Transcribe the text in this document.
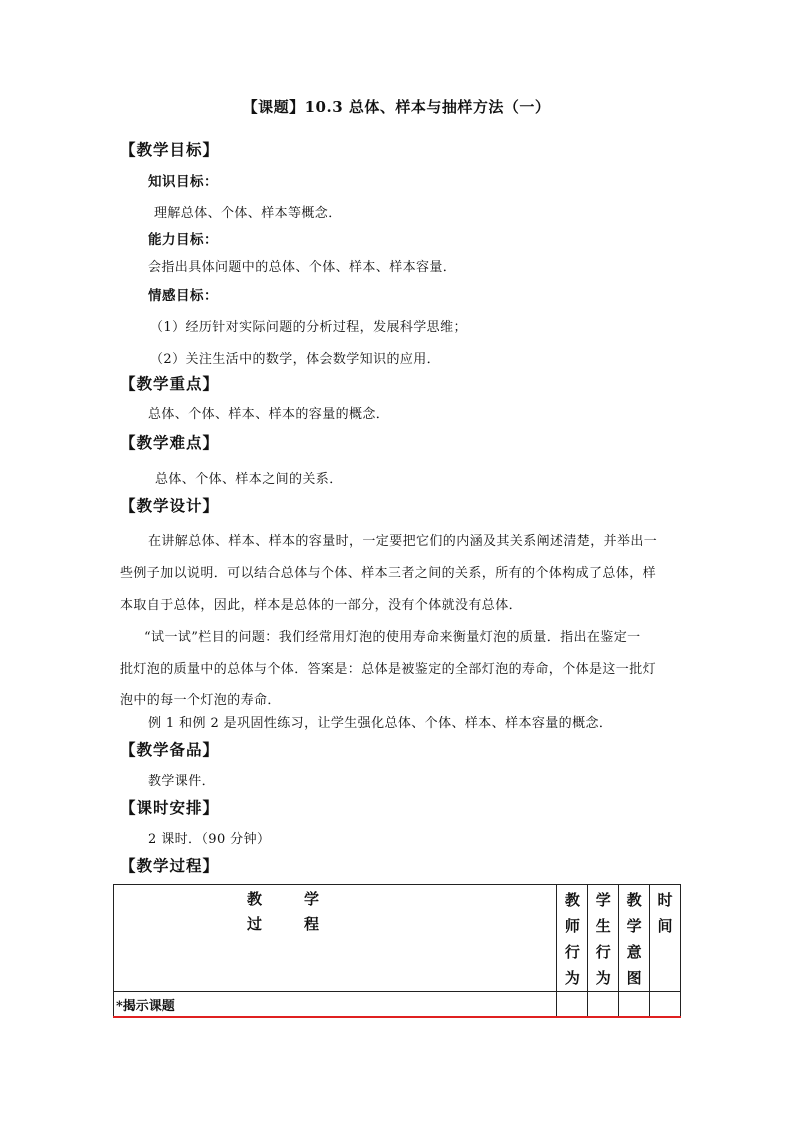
【课题】10.3 总体、样本与抽样方法（一）
【教学目标】
知识目标：
理解总体、个体、样本等概念．
能力目标：
会指出具体问题中的总体、个体、样本、样本容量．
情感目标：
（1）经历针对实际问题的分析过程，发展科学思维；
（2）关注生活中的数学，体会数学知识的应用．
【教学重点】
总体、个体、样本、样本的容量的概念．
【教学难点】
总体、个体、样本之间的关系．
【教学设计】
在讲解总体、样本、样本的容量时，一定要把它们的内涵及其关系阐述清楚，并举出一
些例子加以说明．可以结合总体与个体、样本三者之间的关系，所有的个体构成了总体，样
本取自于总体，因此，样本是总体的一部分，没有个体就没有总体．
“试一试”栏目的问题：我们经常用灯泡的使用寿命来衡量灯泡的质量．指出在鉴定一
批灯泡的质量中的总体与个体．答案是：总体是被鉴定的全部灯泡的寿命，个体是这一批灯
泡中的每一个灯泡的寿命．
例 1 和例 2 是巩固性练习，让学生强化总体、个体、样本、样本容量的概念．
【教学备品】
教学课件．
【课时安排】
2 课时．（90 分钟）
【教学过程】
教 学
过 程	教师行为	学生行为	教学意图	时间

*揭示课题				
